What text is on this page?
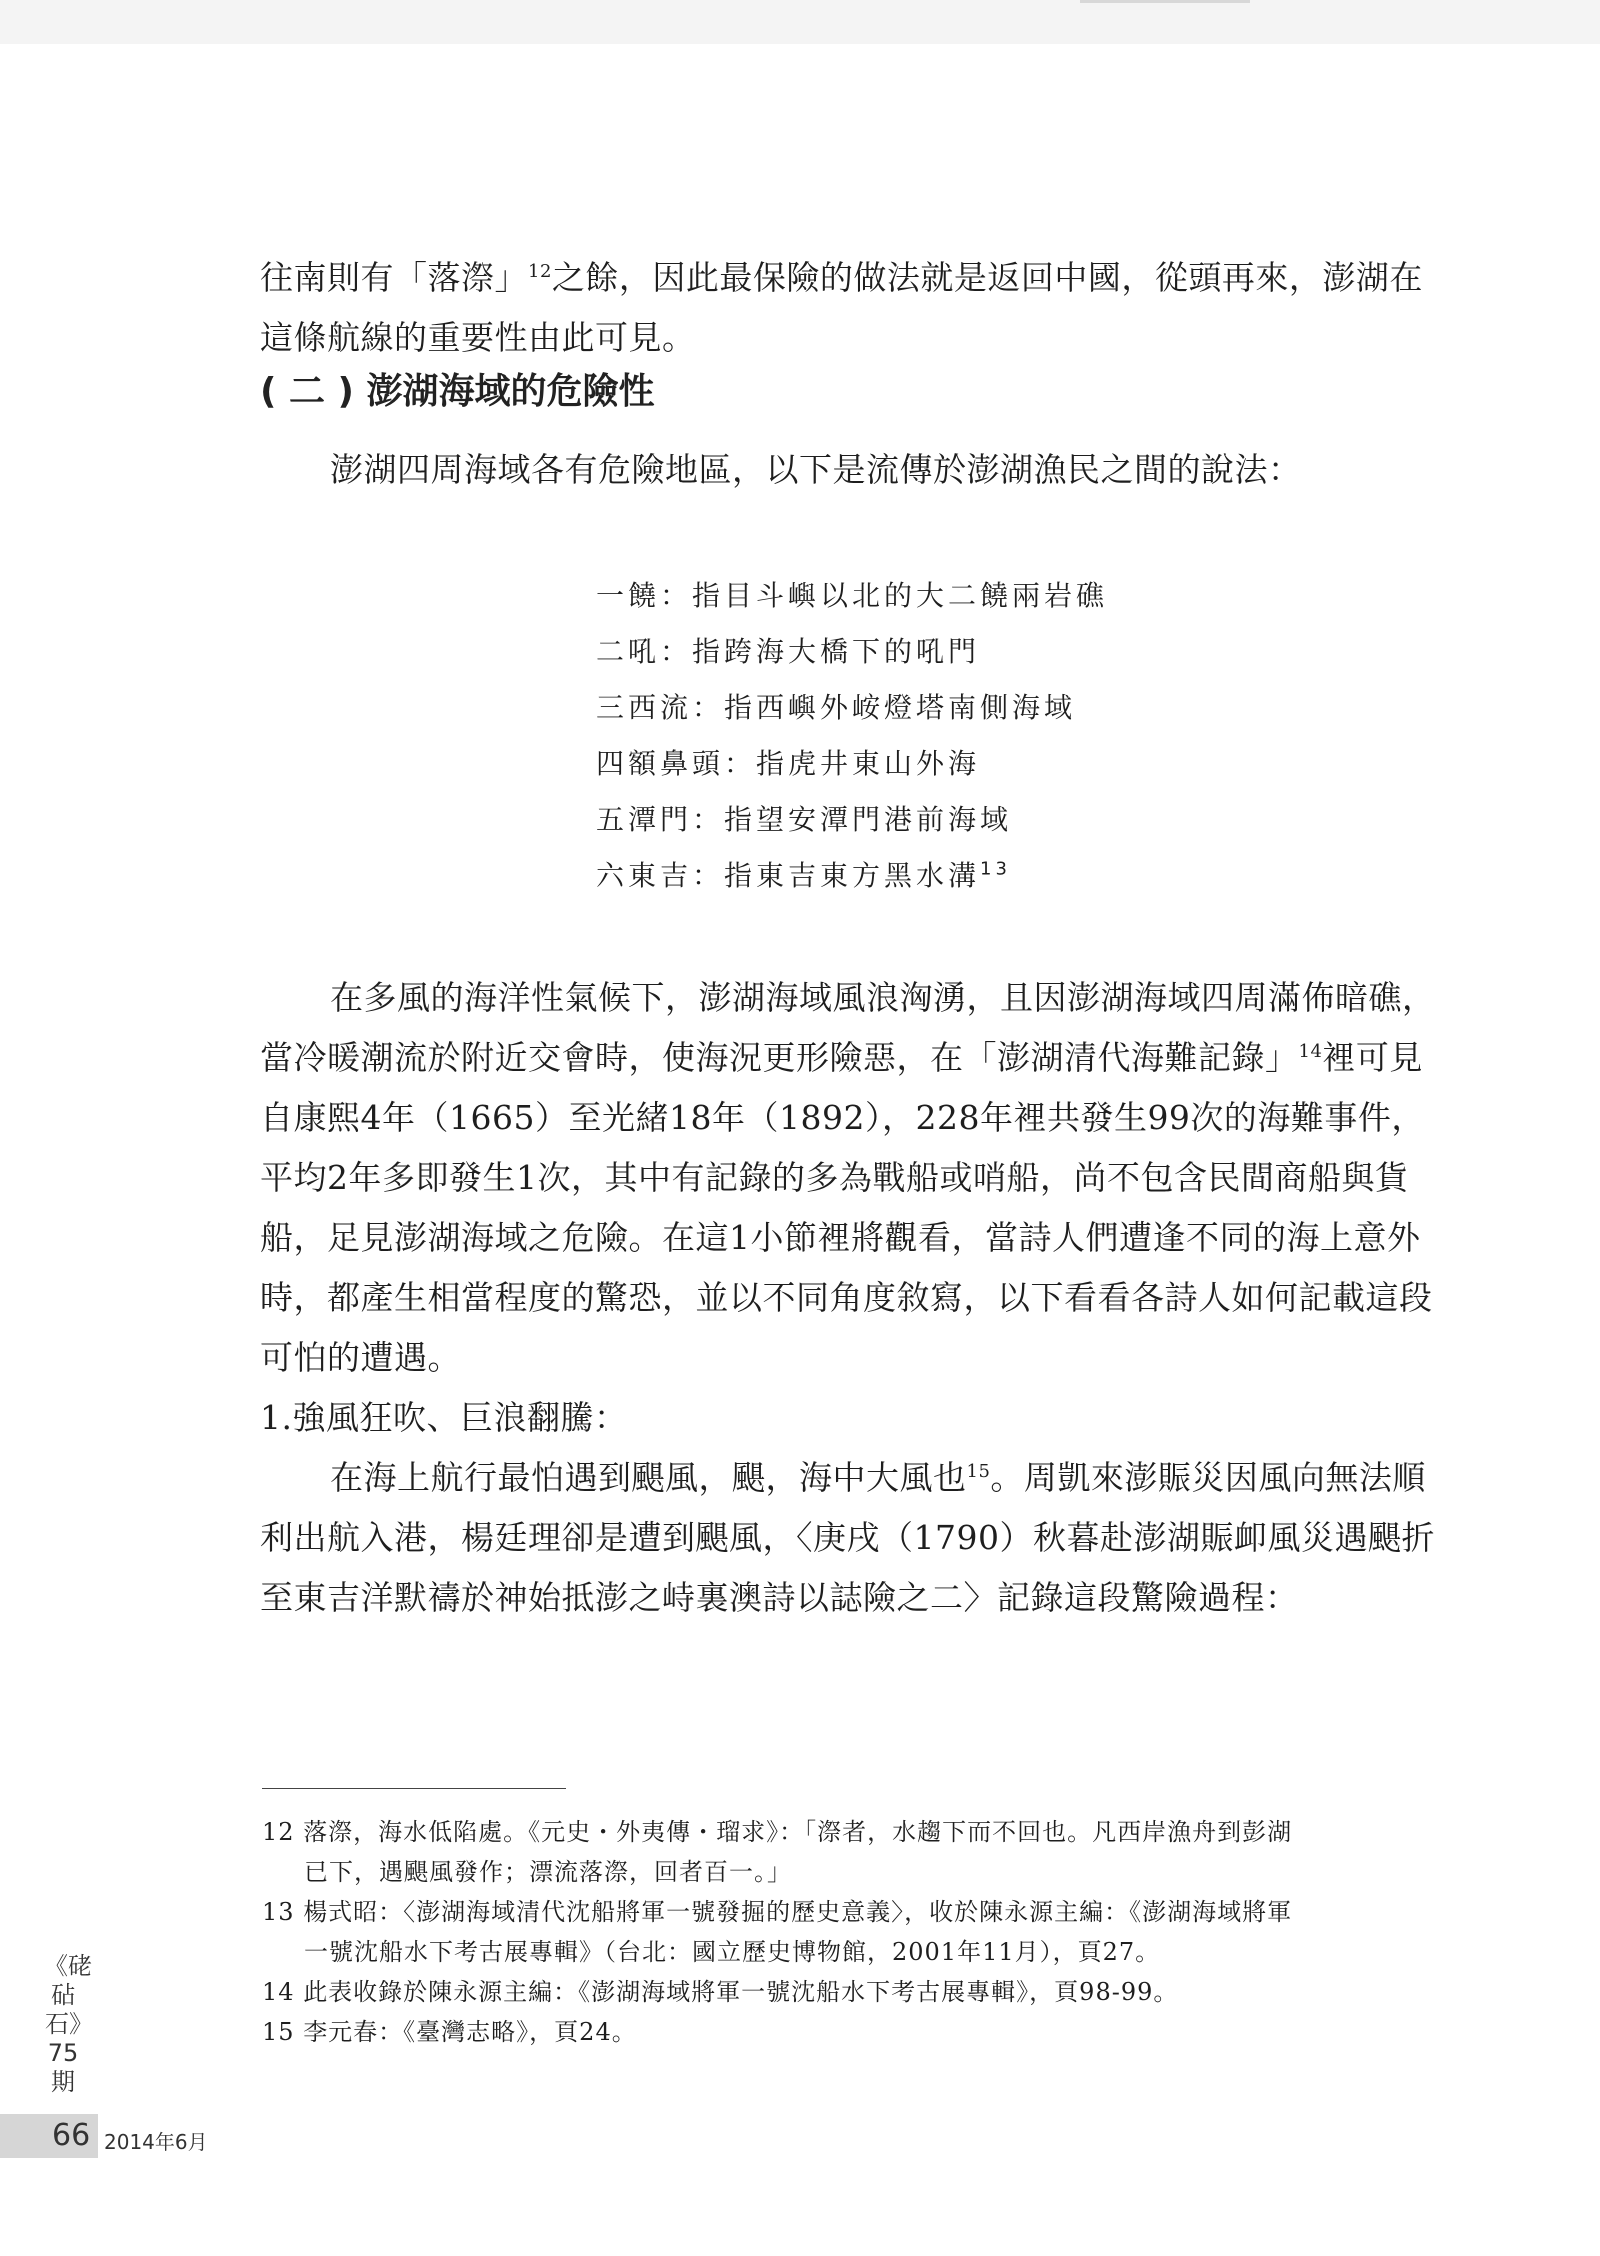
往南則有「落漈」$^{12}$之餘，因此最保險的做法就是返回中國，從頭再來，澎湖在

這條航線的重要性由此可見。

( 二 ) 澎湖海域的危險性

澎湖四周海域各有危險地區，以下是流傳於澎湖漁民之間的說法：

一饒：指目斗嶼以北的大二饒兩岩礁
二吼：指跨海大橋下的吼門
三西流：指西嶼外峖燈塔南側海域
四額鼻頭：指虎井東山外海
五潭門：指望安潭門港前海域
六東吉：指東吉東方黑水溝$^{13}$

在多風的海洋性氣候下，澎湖海域風浪洶湧，且因澎湖海域四周滿佈暗礁，當冷暖潮流於附近交會時，使海況更形險惡，在「澎湖清代海難記錄」$^{14}$裡可見自康熙4年（1665）至光緒18年（1892），228年裡共發生99次的海難事件，平均2年多即發生1次，其中有記錄的多為戰船或哨船，尚不包含民間商船與貨船，足見澎湖海域之危險。在這1小節裡將觀看，當詩人們遭逢不同的海上意外時，都產生相當程度的驚恐，並以不同角度敘寫，以下看看各詩人如何記載這段可怕的遭遇。

1.強風狂吹、巨浪翻騰：

在海上航行最怕遇到颶風，颶，海中大風也$^{15}$。周凱來澎賑災因風向無法順利出航入港，楊廷理卻是遭到颶風，〈庚戌（1790）秋暮赴澎湖賑卹風災遇颶折至東吉洋默禱於神始抵澎之峙裏澳詩以誌險之二〉記錄這段驚險過程：

12 落漈，海水低陷處。《元史・外夷傳・瑠求》：「漈者，水趨下而不回也。凡西岸漁舟到彭湖
已下，遇颶風發作；漂流落漈，回者百一。」
13 楊式昭：〈澎湖海域清代沈船將軍一號發掘的歷史意義〉，收於陳永源主編：《澎湖海域將軍
一號沈船水下考古展專輯》（台北：國立歷史博物館，2001年11月），頁27。
14 此表收錄於陳永源主編：《澎湖海域將軍一號沈船水下考古展專輯》，頁98-99。
15 李元春：《臺灣志略》，頁24。
《硓砧石》75期
66 2014年6月
